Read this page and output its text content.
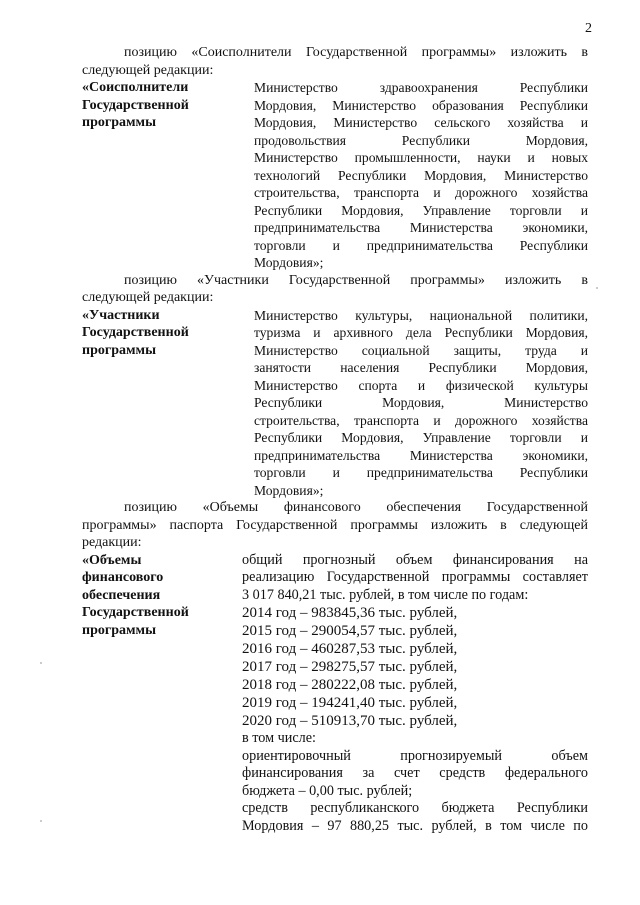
2

позицию «Соисполнители Государственной программы» изложить в

следующей редакции:

«Соисполнители
Государственной
программы
Министерство здравоохранения Республики
Мордовия, Министерство образования Республики
Мордовия, Министерство сельского хозяйства и
продовольствия Республики Мордовия,
Министерство промышленности, науки и новых
технологий Республики Мордовия, Министерство
строительства, транспорта и дорожного хозяйства
Республики Мордовия, Управление торговли и
предпринимательства Министерства экономики,
торговли и предпринимательства Республики
Мордовия»;

позицию «Участники Государственной программы» изложить в

следующей редакции:

«Участники
Государственной
программы
Министерство культуры, национальной политики,
туризма и архивного дела Республики Мордовия,
Министерство социальной защиты, труда и
занятости населения Республики Мордовия,
Министерство спорта и физической культуры
Республики Мордовия, Министерство
строительства, транспорта и дорожного хозяйства
Республики Мордовия, Управление торговли и
предпринимательства Министерства экономики,
торговли и предпринимательства Республики
Мордовия»;

позицию «Объемы финансового обеспечения Государственной

программы» паспорта Государственной программы изложить в следующей

редакции:

«Объемы
финансового
обеспечения
Государственной
программы
общий прогнозный объем финансирования на
реализацию Государственной программы составляет
3 017 840,21 тыс. рублей, в том числе по годам:
2014 год – 983845,36 тыс. рублей,
2015 год – 290054,57 тыс. рублей,
2016 год – 460287,53 тыс. рублей,
2017 год – 298275,57 тыс. рублей,
2018 год – 280222,08 тыс. рублей,
2019 год – 194241,40 тыс. рублей,
2020 год – 510913,70 тыс. рублей,
в том числе:
ориентировочный прогнозируемый объем
финансирования за счет средств федерального
бюджета – 0,00 тыс. рублей;
средств республиканского бюджета Республики
Мордовия – 97 880,25 тыс. рублей, в том числе по
